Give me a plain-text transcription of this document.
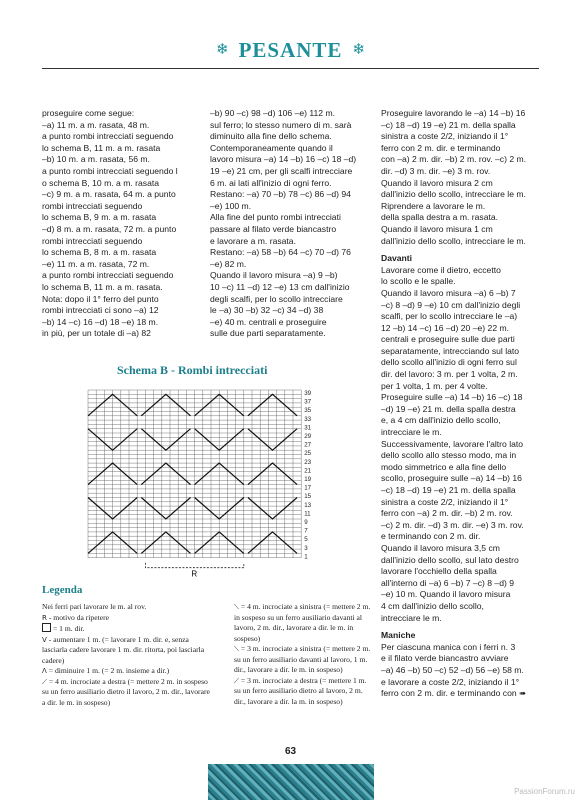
❄ PESANTE ❄

proseguire come segue:

–a) 11 m. a m. rasata, 48 m.

a punto rombi intrecciati seguendo

lo schema B, 11 m. a m. rasata

–b) 10 m. a m. rasata, 56 m.

a punto rombi intrecciati seguendo l

o schema B, 10 m. a m. rasata

–c) 9 m. a m. rasata, 64 m. a punto

rombi intrecciati seguendo

lo schema B, 9 m. a m. rasata

–d) 8 m. a m. rasata, 72 m. a punto

rombi intrecciati seguendo

lo schema B, 8 m. a m. rasata

–e) 11 m. a m. rasata, 72 m.

a punto rombi intrecciati seguendo

lo schema B, 11 m. a m. rasata.

Nota: dopo il 1° ferro del punto

rombi intrecciati ci sono –a) 12

–b) 14 –c) 16 –d) 18 –e) 18 m.

in più, per un totale di –a) 82

–b) 90 –c) 98 –d) 106 –e) 112 m.

sul ferro; lo stesso numero di m. sarà

diminuito alla fine dello schema.

Contemporaneamente quando il

lavoro misura –a) 14 –b) 16 –c) 18 –d)

19 –e) 21 cm, per gli scalfi intrecciare

6 m. ai lati all'inizio di ogni ferro.

Restano: –a) 70 –b) 78 –c) 86 –d) 94

–e) 100 m.

Alla fine del punto rombi intrecciati

passare al filato verde biancastro

e lavorare a m. rasata.

Restano: –a) 58 –b) 64 –c) 70 –d) 76

–e) 82 m.

Quando il lavoro misura –a) 9 –b)

10 –c) 11 –d) 12 –e) 13 cm dall'inizio

degli scalfi, per lo scollo intrecciare

le –a) 30 –b) 32 –c) 34 –d) 38

–e) 40 m. centrali e proseguire

sulle due parti separatamente.

Proseguire lavorando le –a) 14 –b) 16

–c) 18 –d) 19 –e) 21 m. della spalla

sinistra a coste 2/2, iniziando il 1°

ferro con 2 m. dir. e terminando

con –a) 2 m. dir. –b) 2 m. rov. –c) 2 m.

dir. –d) 3 m. dir. –e) 3 m. rov.

Quando il lavoro misura 2 cm

dall'inizio dello scollo, intrecciare le m.

Riprendere a lavorare le m.

della spalla destra a m. rasata.

Quando il lavoro misura 1 cm

dall'inizio dello scollo, intrecciare le m.

Davanti

Lavorare come il dietro, eccetto

lo scollo e le spalle.

Quando il lavoro misura –a) 6 –b) 7

–c) 8 –d) 9 –e) 10 cm dall'inizio degli

scalfi, per lo scollo intrecciare le –a)

12 –b) 14 –c) 16 –d) 20 –e) 22 m.

centrali e proseguire sulle due parti

separatamente, intrecciando sul lato

dello scollo all'inizio di ogni ferro sul

dir. del lavoro: 3 m. per 1 volta, 2 m.

per 1 volta, 1 m. per 4 volte.

Proseguire sulle –a) 14 –b) 16 –c) 18

–d) 19 –e) 21 m. della spalla destra

e, a 4 cm dall'inizio dello scollo,

intrecciare le m.

Successivamente, lavorare l'altro lato

dello scollo allo stesso modo, ma in

modo simmetrico e alla fine dello

scollo, proseguire sulle –a) 14 –b) 16

–c) 18 –d) 19 –e) 21 m. della spalla

sinistra a coste 2/2, iniziando il 1°

ferro con –a) 2 m. dir. –b) 2 m. rov.

–c) 2 m. dir. –d) 3 m. dir. –e) 3 m. rov.

e terminando con 2 m. dir.

Quando il lavoro misura 3,5 cm

dall'inizio dello scollo, sul lato destro

lavorare l'occhiello della spalla

all'interno di –a) 6 –b) 7 –c) 8 –d) 9

–e) 10 m. Quando il lavoro misura

4 cm dall'inizio dello scollo,

intrecciare le m.

Maniche

Per ciascuna manica con i ferri n. 3

e il filato verde biancastro avviare

–a) 46 –b) 50 –c) 52 –d) 56 –e) 58 m.

e lavorare a coste 2/2, iniziando il 1°

ferro con 2 m. dir. e terminando con ➠

Schema B - Rombi intrecciati
39
37
35
33
31
29
27
25
23
21
19
17
15
13
11
9
7
5
3
1
R
Legenda

Nei ferri pari lavorare le m. al rov.

R - motivo da ripetere

= 1 m. dir.

V - aumentare 1 m. (= lavorare 1 m. dir. e, senza lasciarla cadere lavorare 1 m. dir. ritorta, poi lasciarla cadere)

Λ = diminuire 1 m. (= 2 m. insieme a dir.)

⟋ = 4 m. incrociate a destra (= mettere 2 m. in sospeso su un ferro ausiliario dietro il lavoro, 2 m. dir., lavorare a dir. le m. in sospeso)

⟍ = 4 m. incrociate a sinistra (= mettere 2 m. in sospeso su un ferro ausiliario davanti al lavoro, 2 m. dir., lavorare a dir. le m. in sospeso)

⟍ = 3 m. incrociate a sinistra (= mettere 2 m. su un ferro ausiliario davanti al lavoro, 1 m. dir., lavorare a dir. le m. in sospeso)

⟋ = 3 m. incrociate a destra (= mettere 1 m. su un ferro ausiliario dietro al lavoro, 2 m. dir., lavorare a dir. la m. in sospeso)

63
PassionForum.ru
